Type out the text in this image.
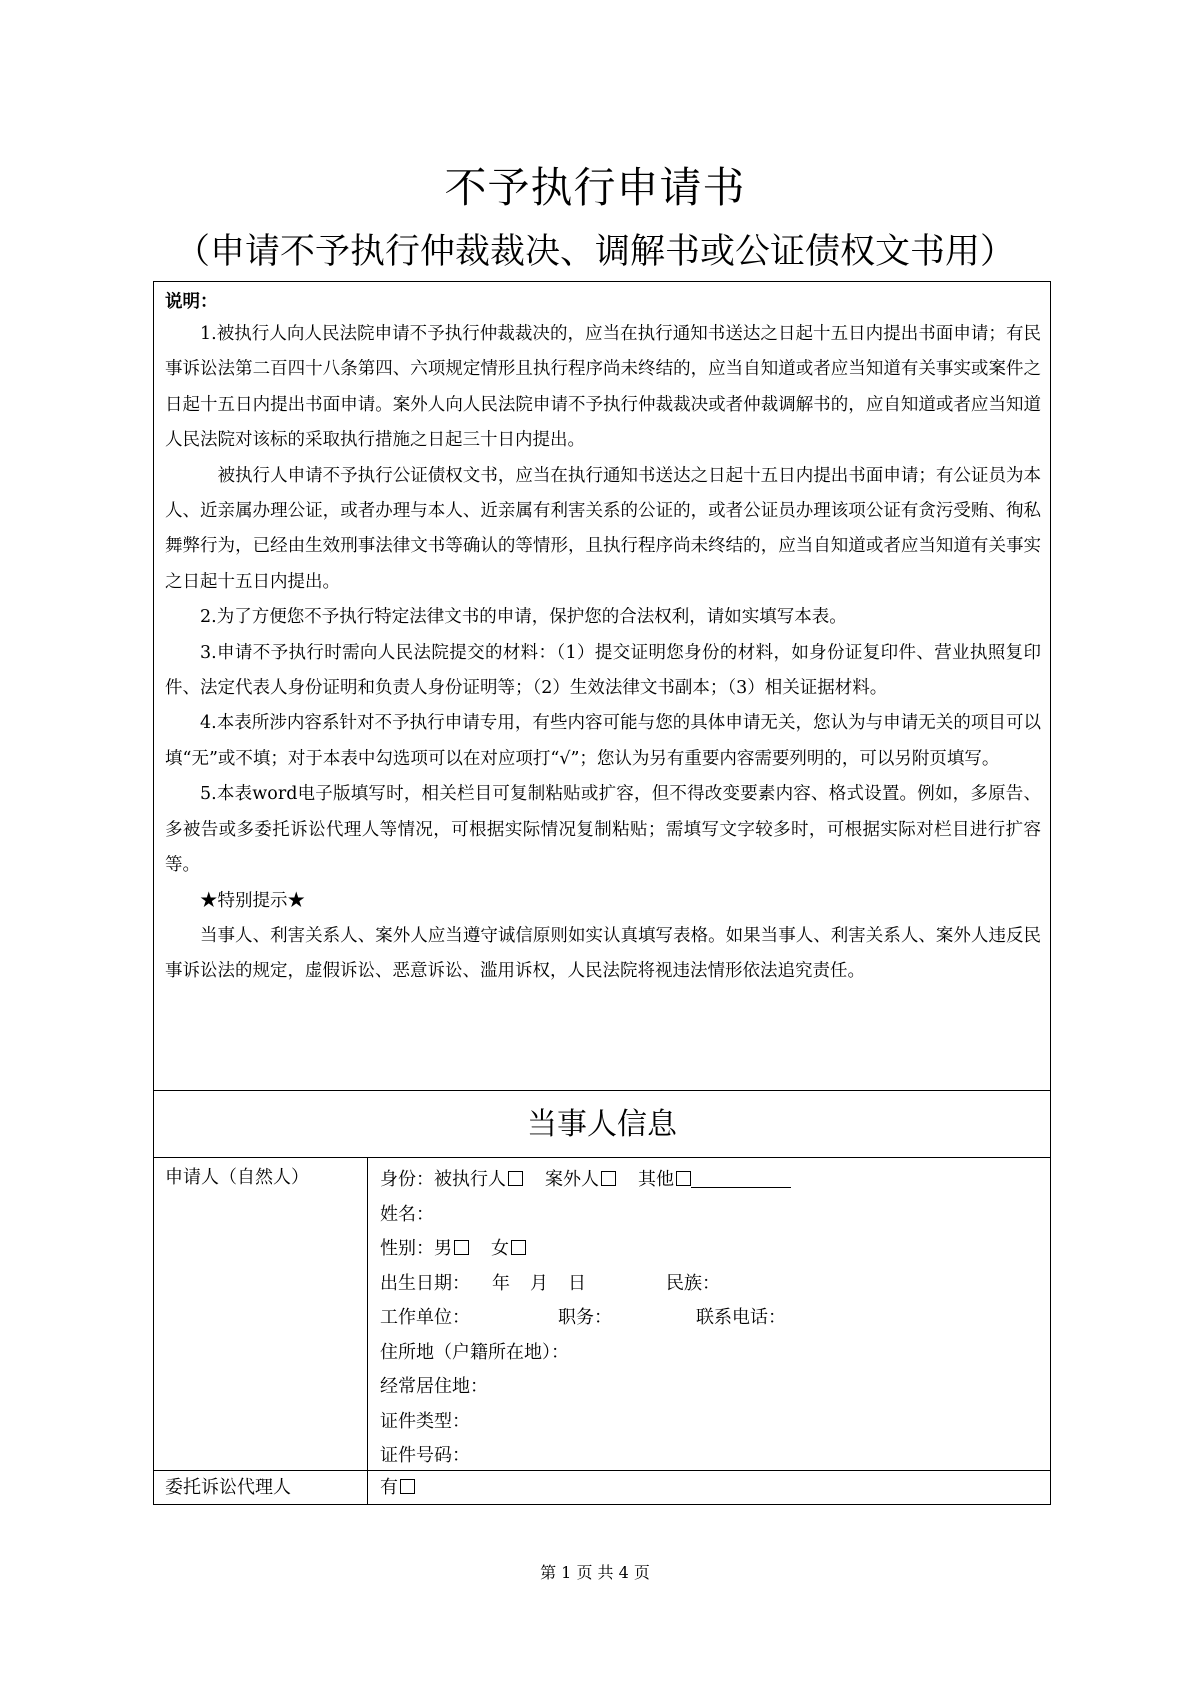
不予执行申请书
（申请不予执行仲裁裁决、调解书或公证债权文书用）
说明：

1.被执行人向人民法院申请不予执行仲裁裁决的，应当在执行通知书送达之日起十五日内提出书面申请；有民事诉讼法第二百四十八条第四、六项规定情形且执行程序尚未终结的，应当自知道或者应当知道有关事实或案件之日起十五日内提出书面申请。案外人向人民法院申请不予执行仲裁裁决或者仲裁调解书的，应自知道或者应当知道人民法院对该标的采取执行措施之日起三十日内提出。

被执行人申请不予执行公证债权文书，应当在执行通知书送达之日起十五日内提出书面申请；有公证员为本人、近亲属办理公证，或者办理与本人、近亲属有利害关系的公证的，或者公证员办理该项公证有贪污受贿、徇私舞弊行为，已经由生效刑事法律文书等确认的等情形，且执行程序尚未终结的，应当自知道或者应当知道有关事实之日起十五日内提出。

2.为了方便您不予执行特定法律文书的申请，保护您的合法权利，请如实填写本表。

3.申请不予执行时需向人民法院提交的材料：（1）提交证明您身份的材料，如身份证复印件、营业执照复印件、法定代表人身份证明和负责人身份证明等；（2）生效法律文书副本；（3）相关证据材料。

4.本表所涉内容系针对不予执行申请专用，有些内容可能与您的具体申请无关，您认为与申请无关的项目可以填“无”或不填；对于本表中勾选项可以在对应项打“√”；您认为另有重要内容需要列明的，可以另附页填写。

5.本表word电子版填写时，相关栏目可复制粘贴或扩容，但不得改变要素内容、格式设置。例如，多原告、多被告或多委托诉讼代理人等情况，可根据实际情况复制粘贴；需填写文字较多时，可根据实际对栏目进行扩容等。

★特别提示★

当事人、利害关系人、案外人应当遵守诚信原则如实认真填写表格。如果当事人、利害关系人、案外人违反民事诉讼法的规定，虚假诉讼、恶意诉讼、滥用诉权，人民法院将视违法情形依法追究责任。

当事人信息
申请人（自然人）	身份：被执行人 案外人 其他
姓名：
性别：男 女
出生日期： 年 月 日	民族：
工作单位：	职务：	联系电话：
住所地（户籍所在地）：
经常居住地：
证件类型：
证件号码：
委托诉讼代理人	有
第 1 页 共 4 页
